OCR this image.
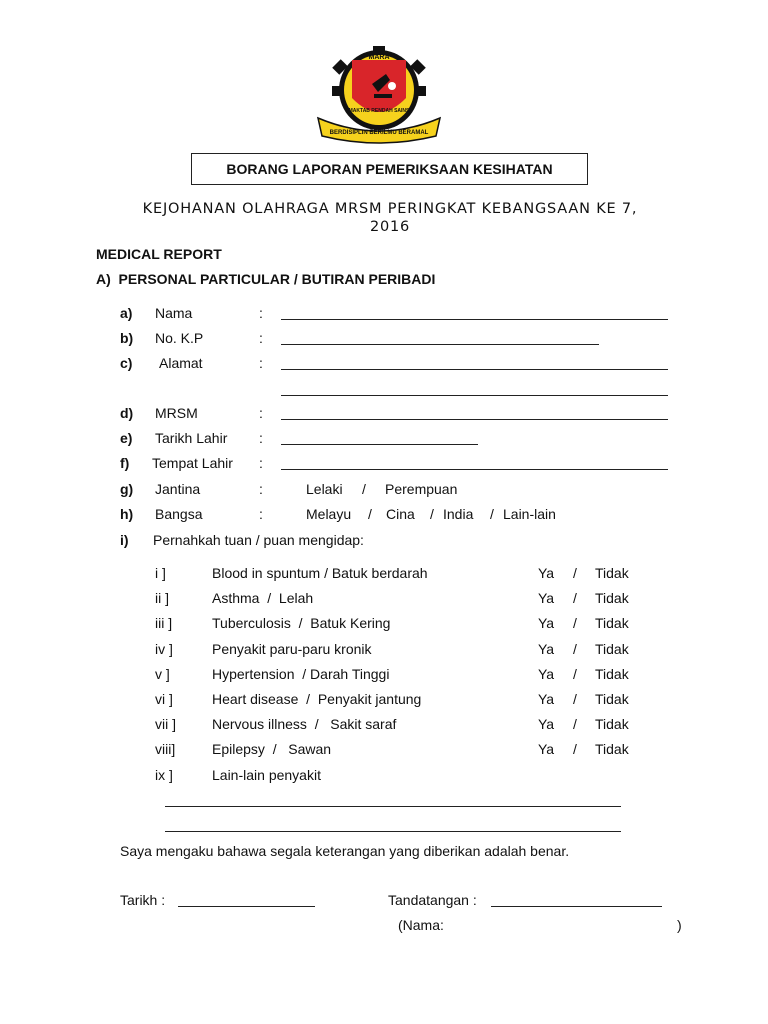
MARA
MAKTAB RENDAH SAINS
BERDISIPLIN BERILMU BERAMAL
BORANG LAPORAN PEMERIKSAAN KESIHATAN
KEJOHANAN OLAHRAGA MRSM PERINGKAT KEBANGSAAN KE 7,
2016
MEDICAL REPORT
A)  PERSONAL PARTICULAR / BUTIRAN PERIBADI
a) Nama	:
b) No. K.P	:
c) Alamat	:
d) MRSM	:
e) Tarikh Lahir :
f) Tempat Lahir :
g) Jantina	:	Lelaki / Perempuan
h) Bangsa	:	Melayu / Cina / India / Lain-lain
i) Pernahkah tuan / puan mengidap:
i ]	Blood in spuntum / Batuk berdarah	Ya / Tidak
ii ]	Asthma  /  Lelah	Ya / Tidak
iii ]	Tuberculosis  /  Batuk Kering	Ya / Tidak
iv ]	Penyakit paru-paru kronik	Ya / Tidak
v ]	Hypertension  / Darah Tinggi	Ya / Tidak
vi ]	Heart disease  /  Penyakit jantung	Ya / Tidak
vii ]	Nervous illness  /   Sakit saraf	Ya / Tidak
viii]	Epilepsy  /   Sawan	Ya / Tidak
ix ]	Lain-lain penyakit
Saya mengaku bahawa segala keterangan yang diberikan adalah benar.
Tarikh :	Tandatangan :
(Nama:	)
